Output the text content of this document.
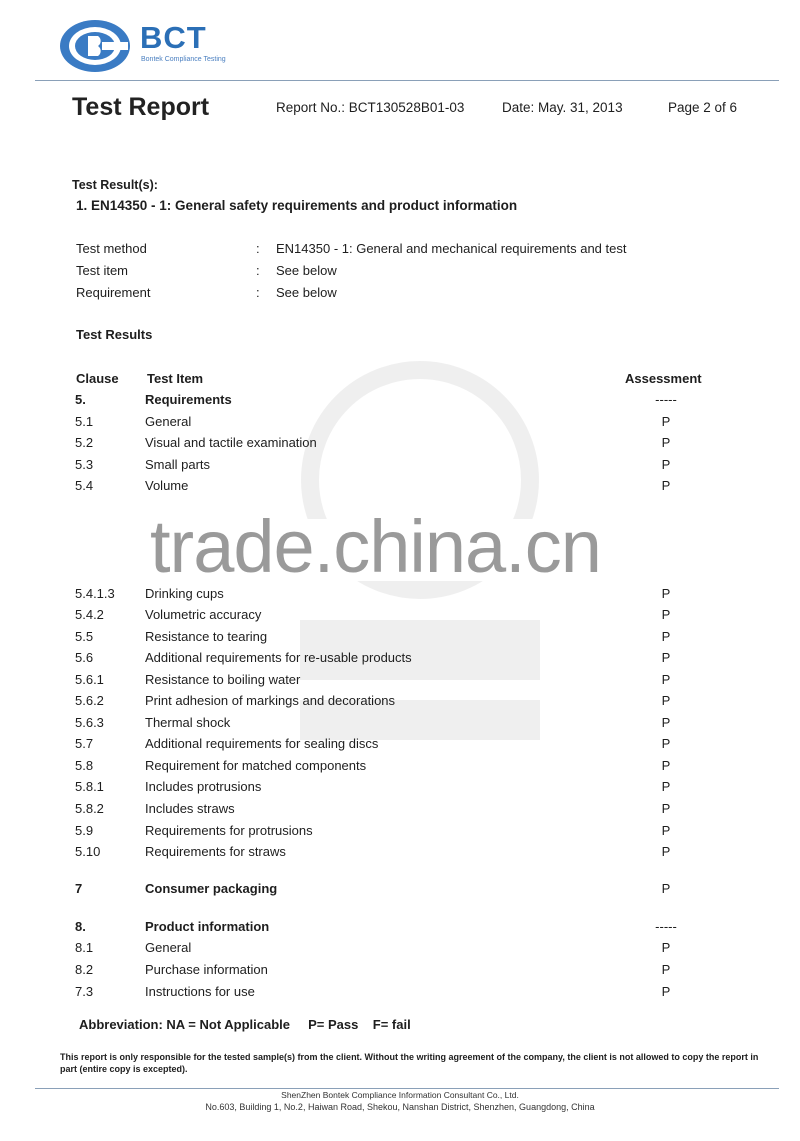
BCT
Bontek Compliance Testing
Test Report	Report No.: BCT130528B01-03	Date: May. 31, 2013	Page 2 of 6
Test Result(s):
1. EN14350 - 1: General safety requirements and product information
Test method	: EN14350 - 1: General and mechanical requirements and test
Test item	: See below
Requirement	: See below
Test Results
Clause Test Item	Assessment
5.	Requirements	-----
5.1	General	P
5.2	Visual and tactile examination	P
5.3	Small parts	P
5.4	Volume	P
trade.china.cn
5.4.1.3 Drinking cups	P
5.4.2	Volumetric accuracy	P
5.5	Resistance to tearing	P
5.6	Additional requirements for re-usable products	P
5.6.1	Resistance to boiling water	P
5.6.2	Print adhesion of markings and decorations	P
5.6.3	Thermal shock	P
5.7	Additional requirements for sealing discs	P
5.8	Requirement for matched components	P
5.8.1	Includes protrusions	P
5.8.2	Includes straws	P
5.9	Requirements for protrusions	P
5.10	Requirements for straws	P
7	Consumer packaging	P
8.	Product information	-----
8.1	General	P
8.2	Purchase information	P
7.3	Instructions for use	P
Abbreviation: NA = Not Applicable     P= Pass    F= fail
This report is only responsible for the tested sample(s) from the client. Without the writing agreement of the company, the client is not allowed to copy the report in part (entire copy is excepted).
ShenZhen Bontek Compliance Information Consultant Co., Ltd.
No.603, Building 1, No.2, Haiwan Road, Shekou, Nanshan District, Shenzhen, Guangdong, China
